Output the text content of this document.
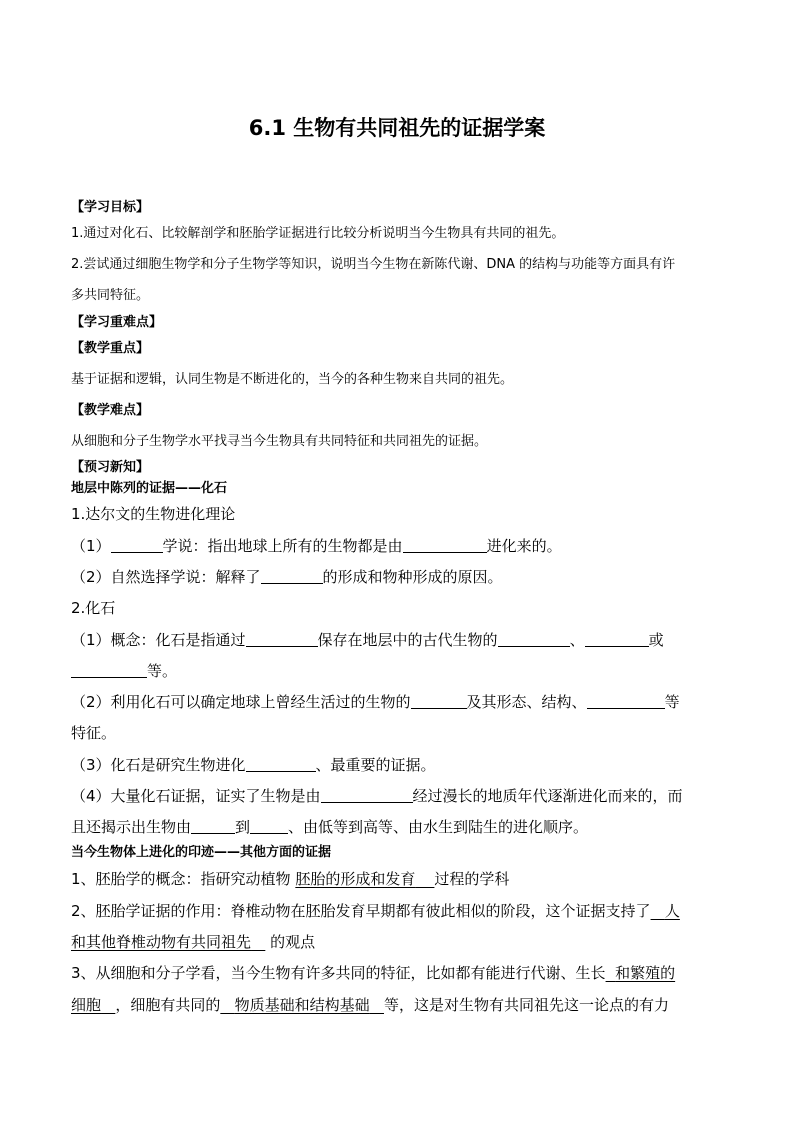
6.1 生物有共同祖先的证据学案
【学习目标】
1.通过对化石、比较解剖学和胚胎学证据进行比较分析说明当今生物具有共同的祖先。
2.尝试通过细胞生物学和分子生物学等知识，说明当今生物在新陈代谢、DNA 的结构与功能等方面具有许
多共同特征。
【学习重难点】
【教学重点】
基于证据和逻辑，认同生物是不断进化的，当今的各种生物来自共同的祖先。
【教学难点】
从细胞和分子生物学水平找寻当今生物具有共同特征和共同祖先的证据。
【预习新知】
地层中陈列的证据——化石
1.达尔文的生物进化理论
（1）	学说：指出地球上所有的生物都是由	进化来的。
（2）自然选择学说：解释了	的形成和物种形成的原因。
2.化石
（1）概念：化石是指通过	保存在地层中的古代生物的	、	或
等。
（2）利用化石可以确定地球上曾经生活过的生物的	及其形态、结构、	等
特征。
（3）化石是研究生物进化	、最重要的证据。
（4）大量化石证据，证实了生物是由	经过漫长的地质年代逐渐进化而来的，而
且还揭示出生物由	到	、由低等到高等、由水生到陆生的进化顺序。
当今生物体上进化的印迹——其他方面的证据
1、胚胎学的概念：指研究动植物 胚胎的形成和发育 过程的学科
2、胚胎学证据的作用：脊椎动物在胚胎发育早期都有彼此相似的阶段，这个证据支持了 人
和其他脊椎动物有共同祖先 的观点
3、从细胞和分子学看，当今生物有许多共同的特征，比如都有能进行代谢、生长 和繁殖的
细胞 ，细胞有共同的 物质基础和结构基础 等，这是对生物有共同祖先这一论点的有力
